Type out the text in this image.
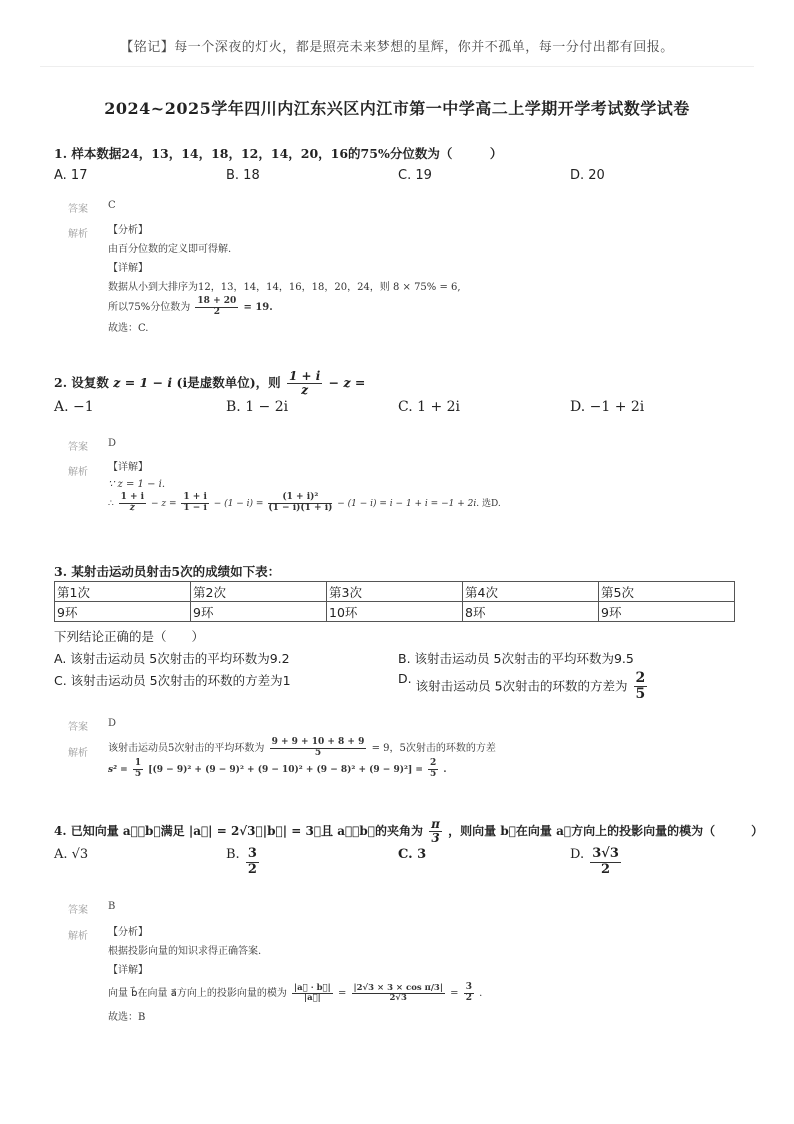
【铭记】每一个深夜的灯火，都是照亮未来梦想的星辉，你并不孤单，每一分付出都有回报。
2024~2025学年四川内江东兴区内江市第一中学高二上学期开学考试数学试卷
1. 样本数据24，13，14，18，12，14，20，16的75%分位数为（　　　）
A. 17	B. 18	C. 19	D. 20
答案 C
解析 【分析】
由百分位数的定义即可得解.
【详解】
数据从小到大排序为12，13，14，14，16，18，20，24，则 8 × 75% = 6,
所以75%分位数为 $\frac{18 + 20}{2} = 19$.
故选：C.
2. 设复数 z = 1 − i (i是虚数单位)，则 $\frac{1 + i}{z} - z$ =
A. −1	B. 1 − 2i	C. 1 + 2i	D. −1 + 2i
答案 D
解析 【详解】
∵ z = 1 − i.
∴ $\frac{1 + i}{z} - z = \frac{1 + i}{1 - i} - (1 - i) = \frac{\text{(1 + i)²}}{(1 - i)(1 + i)} - (1 - i) = i - 1 + i = -1 + 2i$. 选D.
3. 某射击运动员射击5次的成绩如下表：
第1次	第2次	第3次	第4次	第5次
9环	9环	10环	8环	9环
下列结论正确的是（　　）
A. 该射击运动员 5次射击的平均环数为9.2	B. 该射击运动员 5次射击的平均环数为9.5
C. 该射击运动员 5次射击的环数的方差为1	D. 该射击运动员 5次射击的环数的方差为 $\frac{2}{5}$
答案 D
解析 该射击运动员5次射击的平均环数为 $\frac{9 + 9 + 10 + 8 + 9}{5} = 9$，5次射击的环数的方差
$s^2 = \frac{1}{5} [(9 - 9)^2 + (9 - 9)^2 + (9 - 10)^2 + (9 - 8)^2 + (9 - 9)^2] = \frac{2}{5}$ .
4. 已知向量 a⃗，b⃗满足 |a⃗| = 2√3，|b⃗| = 3，且 a⃗，b⃗的夹角为 $\frac{\pi}{3}$ ，则向量 b⃗在向量 a⃗方向上的投影向量的模为（　　　）
A. √3	B. $\frac{3}{2}$	C. 3	D. $\frac{3√3}{2}$
答案 B
解析 【分析】
根据投影向量的知识求得正确答案.
【详解】
向量 b⃗在向量 a⃗方向上的投影向量的模为 $\frac{|a⃗ \cdot b⃗|}{|a⃗|} = \frac{\text{|2√3 × 3 × cos π/3|}}{2√3} = \frac{3}{2}$ .
故选：B
